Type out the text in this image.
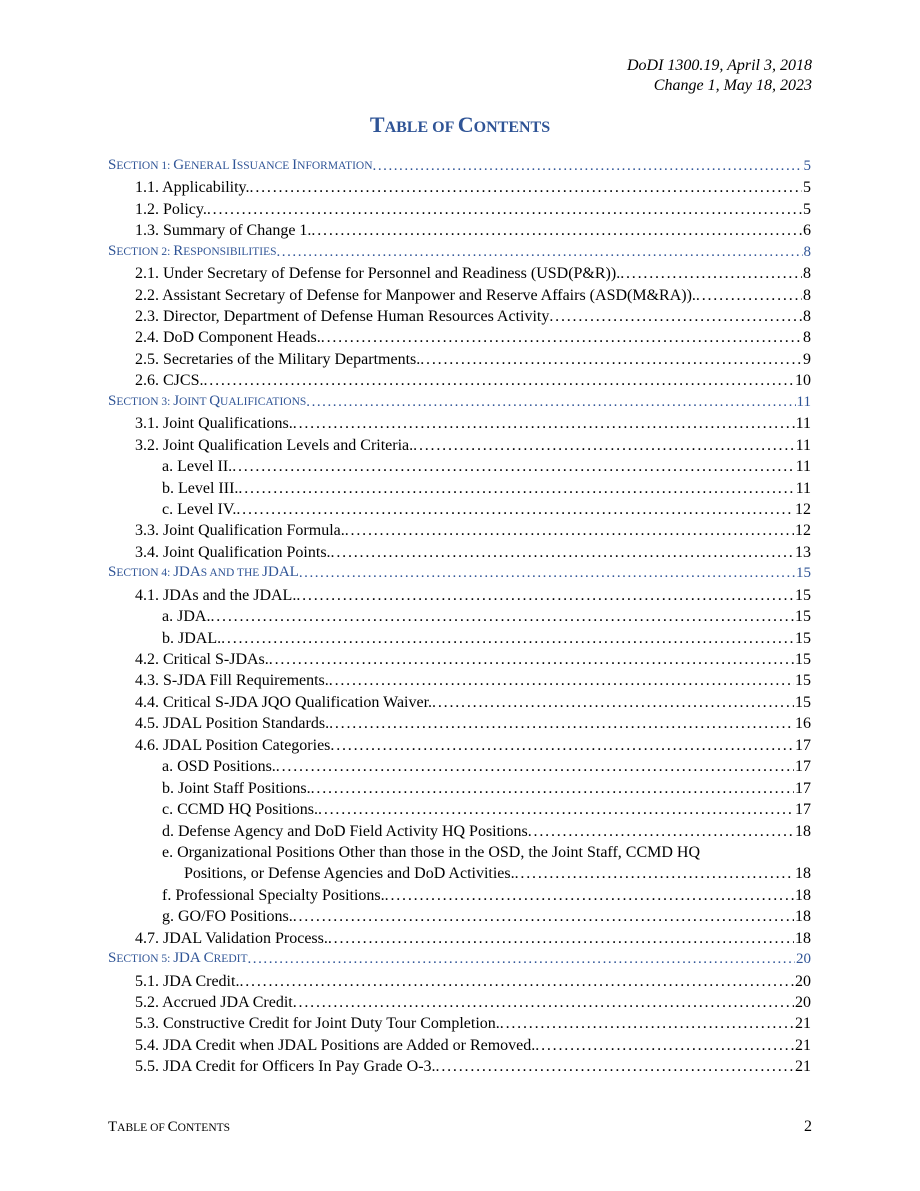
DoDI 1300.19, April 3, 2018
Change 1, May 18, 2023
TABLE OF CONTENTS
SECTION 1: GENERAL ISSUANCE INFORMATION . . .	5
1.1. Applicability. . . .	5
1.2. Policy. . . .	5
1.3. Summary of Change 1. . . .	6
SECTION 2: RESPONSIBILITIES . . .	8
2.1. Under Secretary of Defense for Personnel and Readiness (USD(P&R)). . . .	8
2.2. Assistant Secretary of Defense for Manpower and Reserve Affairs (ASD(M&RA)). . . .	8
2.3. Director, Department of Defense Human Resources Activity . . .	8
2.4. DoD Component Heads. . . .	8
2.5. Secretaries of the Military Departments. . . .	9
2.6. CJCS. . . .	10
SECTION 3: JOINT QUALIFICATIONS . . .	11
3.1. Joint Qualifications. . . .	11
3.2. Joint Qualification Levels and Criteria. . . .	11
a. Level II. . . .	11
b. Level III. . . .	11
c. Level IV. . . .	12
3.3. Joint Qualification Formula. . . .	12
3.4. Joint Qualification Points. . . .	13
SECTION 4: JDAS AND THE JDAL . . .	15
4.1. JDAs and the JDAL. . . .	15
a. JDA. . . .	15
b. JDAL. . . .	15
4.2. Critical S-JDAs. . . .	15
4.3. S-JDA Fill Requirements. . . .	15
4.4. Critical S-JDA JQO Qualification Waiver. . . .	15
4.5. JDAL Position Standards. . . .	16
4.6. JDAL Position Categories . . .	17
a. OSD Positions. . . .	17
b. Joint Staff Positions. . . .	17
c. CCMD HQ Positions. . . .	17
d. Defense Agency and DoD Field Activity HQ Positions . . .	18
e. Organizational Positions Other than those in the OSD, the Joint Staff, CCMD HQ
Positions, or Defense Agencies and DoD Activities. . . .	18
f. Professional Specialty Positions. . . .	18
g. GO/FO Positions. . . .	18
4.7. JDAL Validation Process. . . .	18
SECTION 5: JDA CREDIT . . .	20
5.1. JDA Credit. . . .	20
5.2. Accrued JDA Credit . . .	20
5.3. Constructive Credit for Joint Duty Tour Completion. . . .	21
5.4. JDA Credit when JDAL Positions are Added or Removed. . . .	21
5.5. JDA Credit for Officers In Pay Grade O-3. . . .	21
TABLE OF CONTENTS	2
